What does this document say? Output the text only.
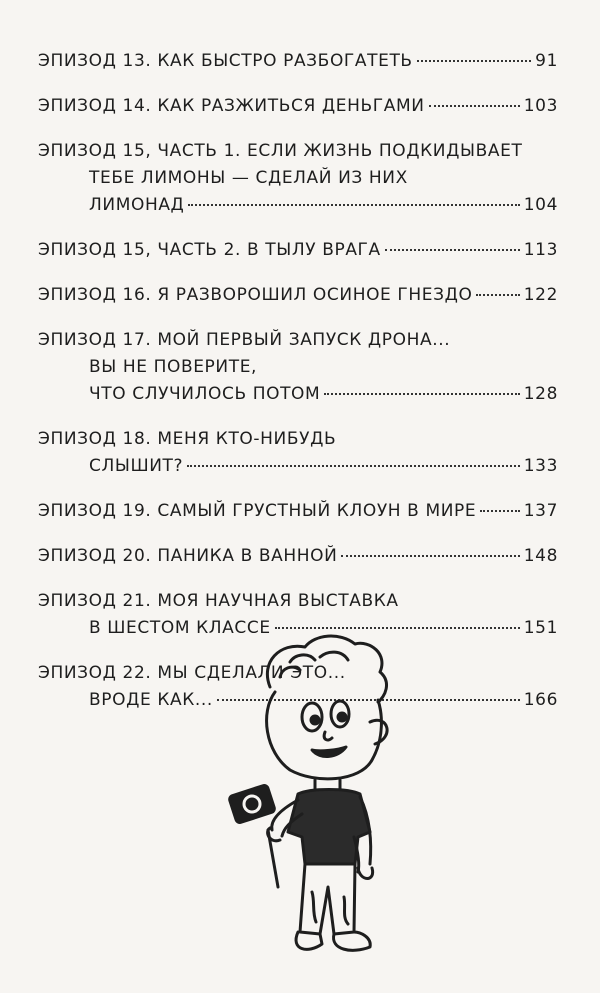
ЭПИЗОД 13. КАК БЫСТРО РАЗБОГАТЕТЬ	91
ЭПИЗОД 14. КАК РАЗЖИТЬСЯ ДЕНЬГАМИ	103
ЭПИЗОД 15, ЧАСТЬ 1. ЕСЛИ ЖИЗНЬ ПОДКИДЫВАЕТ
ТЕБЕ ЛИМОНЫ — СДЕЛАЙ ИЗ НИХ
ЛИМОНАД	104
ЭПИЗОД 15, ЧАСТЬ 2. В ТЫЛУ ВРАГА	113
ЭПИЗОД 16. Я РАЗВОРОШИЛ ОСИНОЕ ГНЕЗДО	122
ЭПИЗОД 17. МОЙ ПЕРВЫЙ ЗАПУСК ДРОНА...
ВЫ НЕ ПОВЕРИТЕ,
ЧТО СЛУЧИЛОСЬ ПОТОМ	128
ЭПИЗОД 18. МЕНЯ КТО-НИБУДЬ
СЛЫШИТ?	133
ЭПИЗОД 19. САМЫЙ ГРУСТНЫЙ КЛОУН В МИРЕ	137
ЭПИЗОД 20. ПАНИКА В ВАННОЙ	148
ЭПИЗОД 21. МОЯ НАУЧНАЯ ВЫСТАВКА
В ШЕСТОМ КЛАССЕ	151
ЭПИЗОД 22. МЫ СДЕЛАЛИ ЭТО...
ВРОДЕ КАК...	166
